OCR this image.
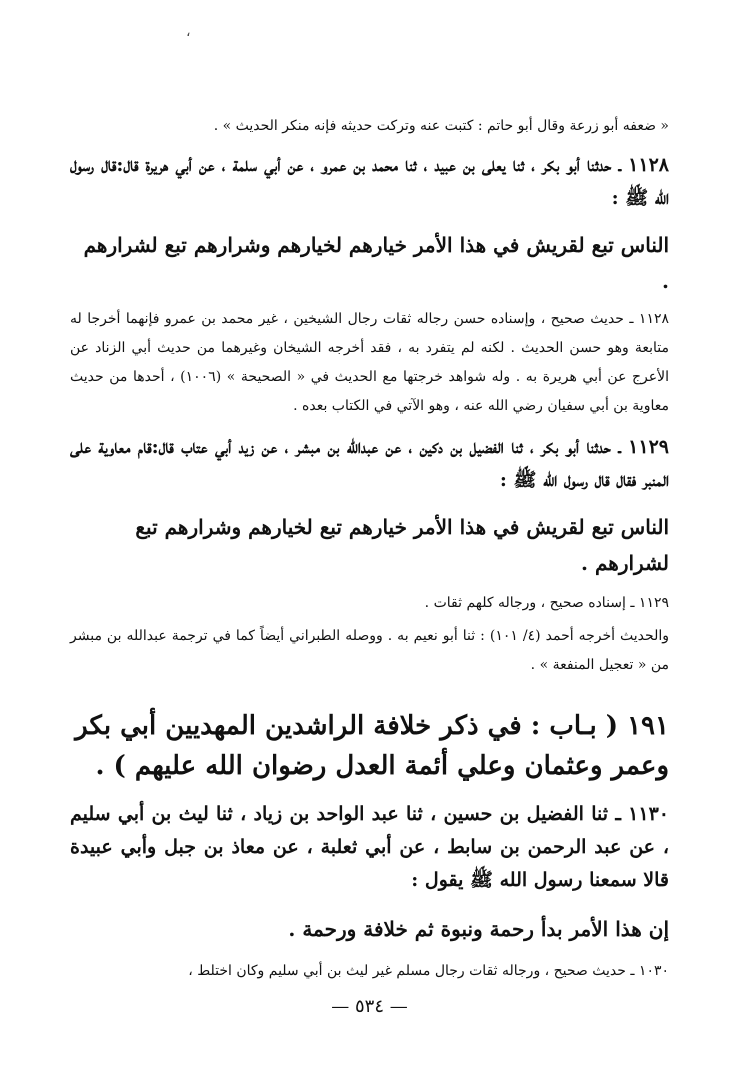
،

« ضعفه أبو زرعة وقال أبو حاتم : كتبت عنه وتركت حديثه فإنه منكر الحديث » .

١١٢٨ ـ حدثنا أبو بكر ، ثنا يعلى بن عبيد ، ثنا محمد بن عمرو ، عن أبي سلمة ، عن أبي هريرة قال:قال رسول الله ﷺ :

الناس تبع لقريش في هذا الأمر خيارهم لخيارهم وشرارهم تبع لشرارهم .

١١٢٨ ـ حديث صحيح ، وإسناده حسن رجاله ثقات رجال الشيخين ، غير محمد بن عمرو فإنهما أخرجا له متابعة وهو حسن الحديث . لكنه لم يتفرد به ، فقد أخرجه الشيخان وغيرهما من حديث أبي الزناد عن الأعرج عن أبي هريرة به . وله شواهد خرجتها مع الحديث في « الصحيحة » (١٠٠٦) ، أحدها من حديث معاوية بن أبي سفيان رضي الله عنه ، وهو الآتي في الكتاب بعده .

١١٢٩ ـ حدثنا أبو بكر ، ثنا الفضيل بن دكين ، عن عبدالله بن مبشر ، عن زيد أبي عتاب قال:قام معاوية على المنبر فقال قال رسول الله ﷺ :

الناس تبع لقريش في هذا الأمر خيارهم تبع لخيارهم وشرارهم تبع لشرارهم .

١١٢٩ ـ إسناده صحيح ، ورجاله كلهم ثقات .

والحديث أخرجه أحمد (٤/ ١٠١) : ثنا أبو نعيم به . ووصله الطبراني أيضاً كما في ترجمة عبدالله بن مبشر من « تعجيل المنفعة » .

١٩١ ( بـاب : في ذكر خلافة الراشدين المهديين أبي بكر وعمر وعثمان وعلي أئمة العدل رضوان الله عليهم ) .

١١٣٠ ـ ثنا الفضيل بن حسين ، ثنا عبد الواحد بن زياد ، ثنا ليث بن أبي سليم ، عن عبد الرحمن بن سابط ، عن أبي ثعلبة ، عن معاذ بن جبل وأبي عبيدة قالا سمعنا رسول الله ﷺ يقول :

إن هذا الأمر بدأ رحمة ونبوة ثم خلافة ورحمة .

١٠٣٠ ـ حديث صحيح ، ورجاله ثقات رجال مسلم غير ليث بن أبي سليم وكان اختلط ،

— ٥٣٤ —
